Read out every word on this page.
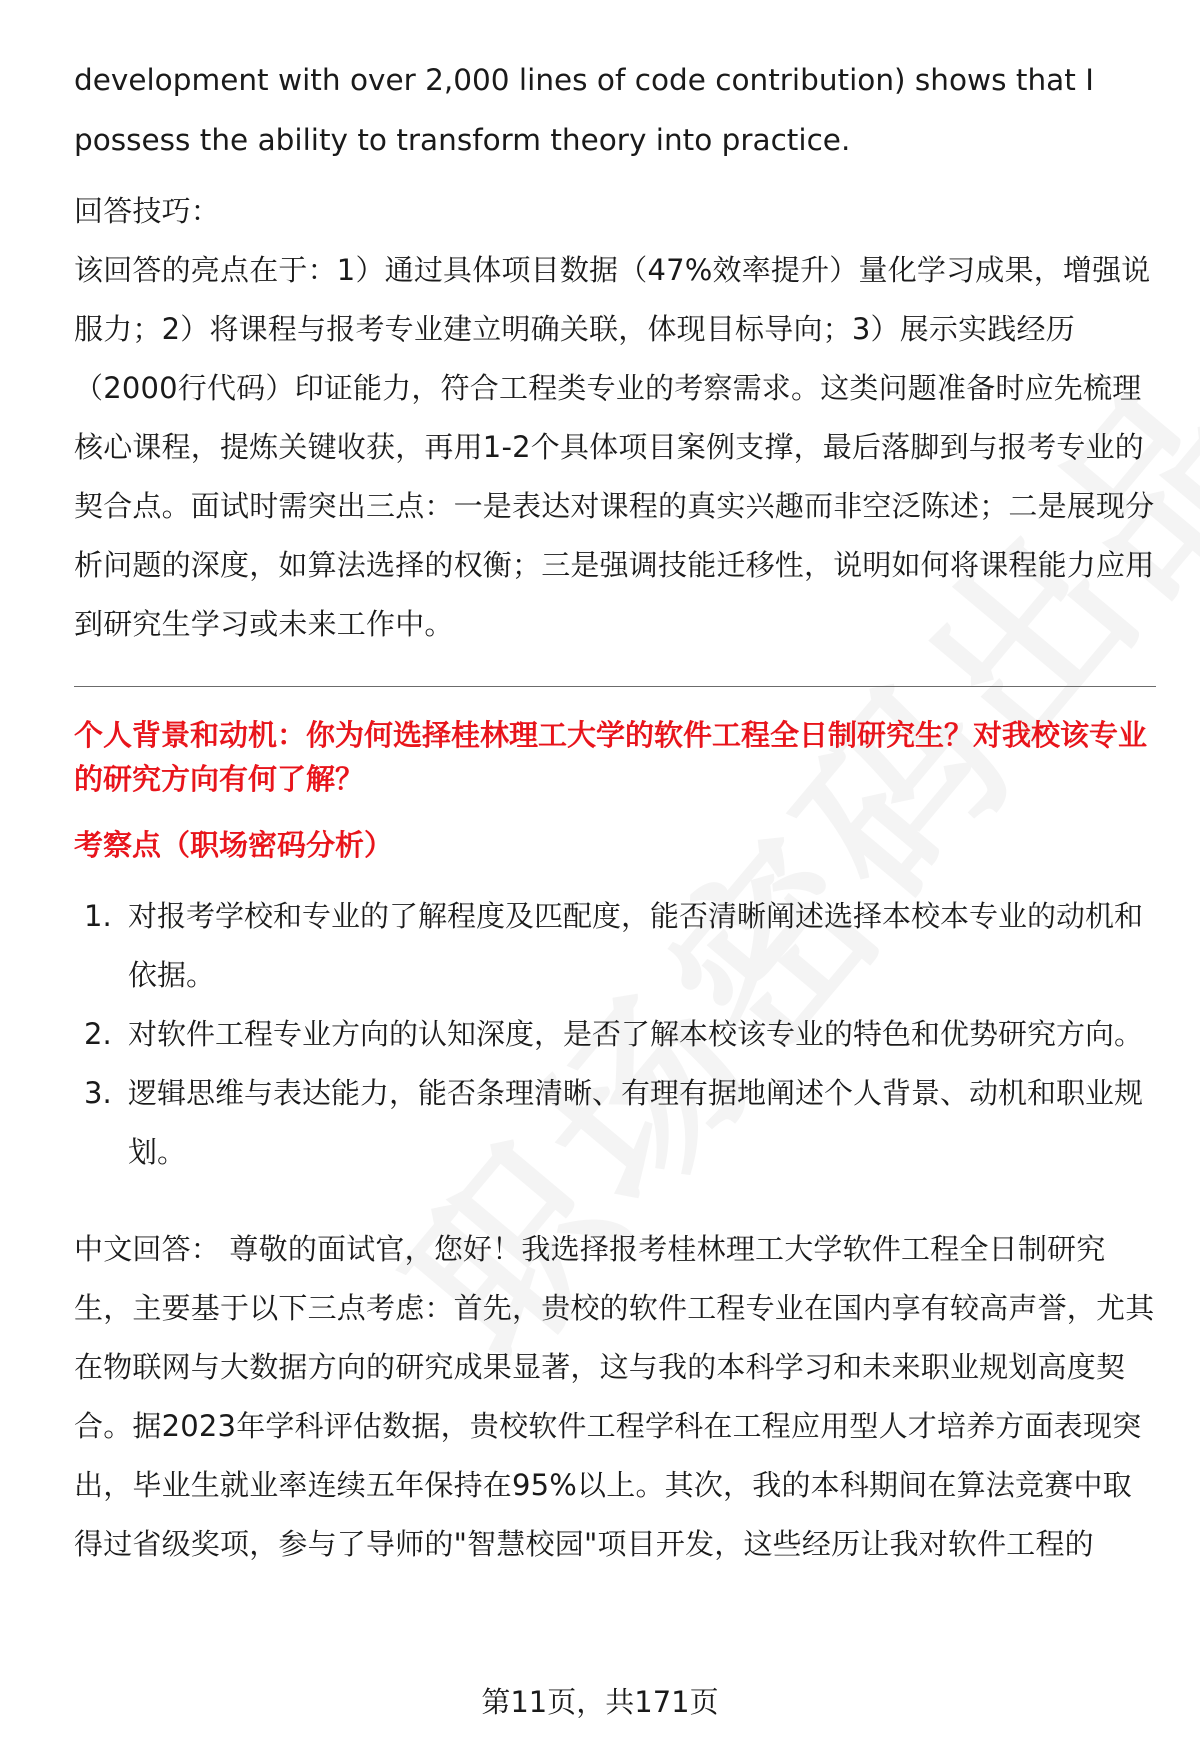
development with over 2,000 lines of code contribution) shows that I possess the ability to transform theory into practice.

回答技巧：

该回答的亮点在于：1）通过具体项目数据（47%效率提升）量化学习成果，增强说服力；2）将课程与报考专业建立明确关联，体现目标导向；3）展示实践经历（2000行代码）印证能力，符合工程类专业的考察需求。这类问题准备时应先梳理核心课程，提炼关键收获，再用1-2个具体项目案例支撑，最后落脚到与报考专业的契合点。面试时需突出三点：一是表达对课程的真实兴趣而非空泛陈述；二是展现分析问题的深度，如算法选择的权衡；三是强调技能迁移性，说明如何将课程能力应用到研究生学习或未来工作中。

个人背景和动机：你为何选择桂林理工大学的软件工程全日制研究生？对我校该专业的研究方向有何了解？

考察点（职场密码分析）

1. 对报考学校和专业的了解程度及匹配度，能否清晰阐述选择本校本专业的动机和依据。
2. 对软件工程专业方向的认知深度，是否了解本校该专业的特色和优势研究方向。
3. 逻辑思维与表达能力，能否条理清晰、有理有据地阐述个人背景、动机和职业规划。

中文回答： 尊敬的面试官，您好！我选择报考桂林理工大学软件工程全日制研究生，主要基于以下三点考虑：首先，贵校的软件工程专业在国内享有较高声誉，尤其在物联网与大数据方向的研究成果显著，这与我的本科学习和未来职业规划高度契合。据2023年学科评估数据，贵校软件工程学科在工程应用型人才培养方面表现突出，毕业生就业率连续五年保持在95%以上。其次，我的本科期间在算法竞赛中取得过省级奖项，参与了导师的"智慧校园"项目开发，这些经历让我对软件工程的

第11页，共171页
